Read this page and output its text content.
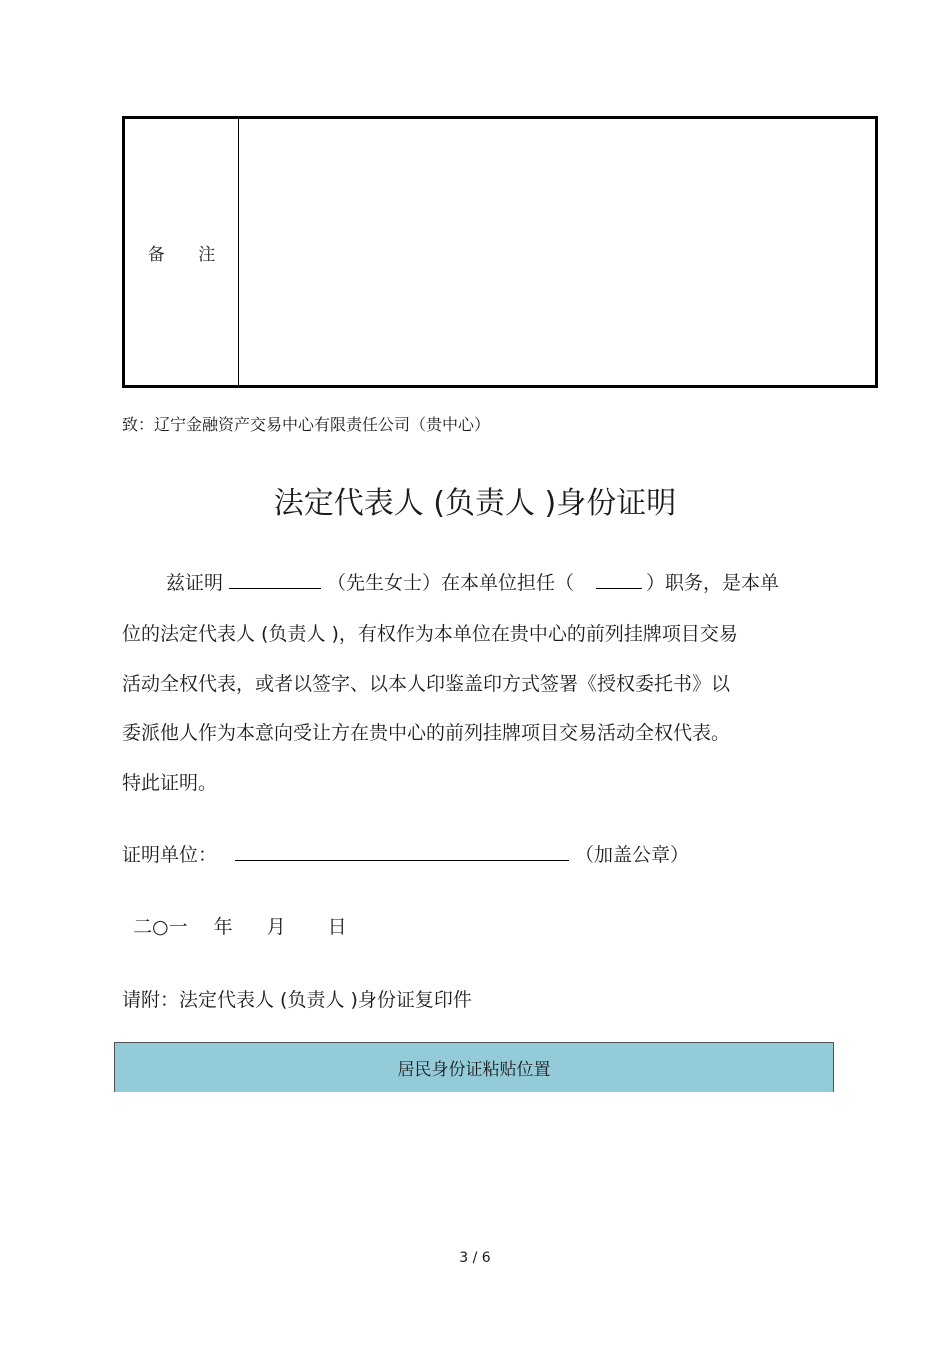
备 注
致：辽宁金融资产交易中心有限责任公司（贵中心）
法定代表人 (负责人 )身份证明
兹证明	（先生女士）在本单位担任（	）职务，是本单
位的法定代表人 (负责人 )，有权作为本单位在贵中心的前列挂牌项目交易
活动全权代表，或者以签字、以本人印鉴盖印方式签署《授权委托书》以
委派他人作为本意向受让方在贵中心的前列挂牌项目交易活动全权代表。
特此证明。
证明单位：	（加盖公章）
二○一 年 月 日
请附：法定代表人 (负责人 )身份证复印件
居民身份证粘贴位置
3 / 6
